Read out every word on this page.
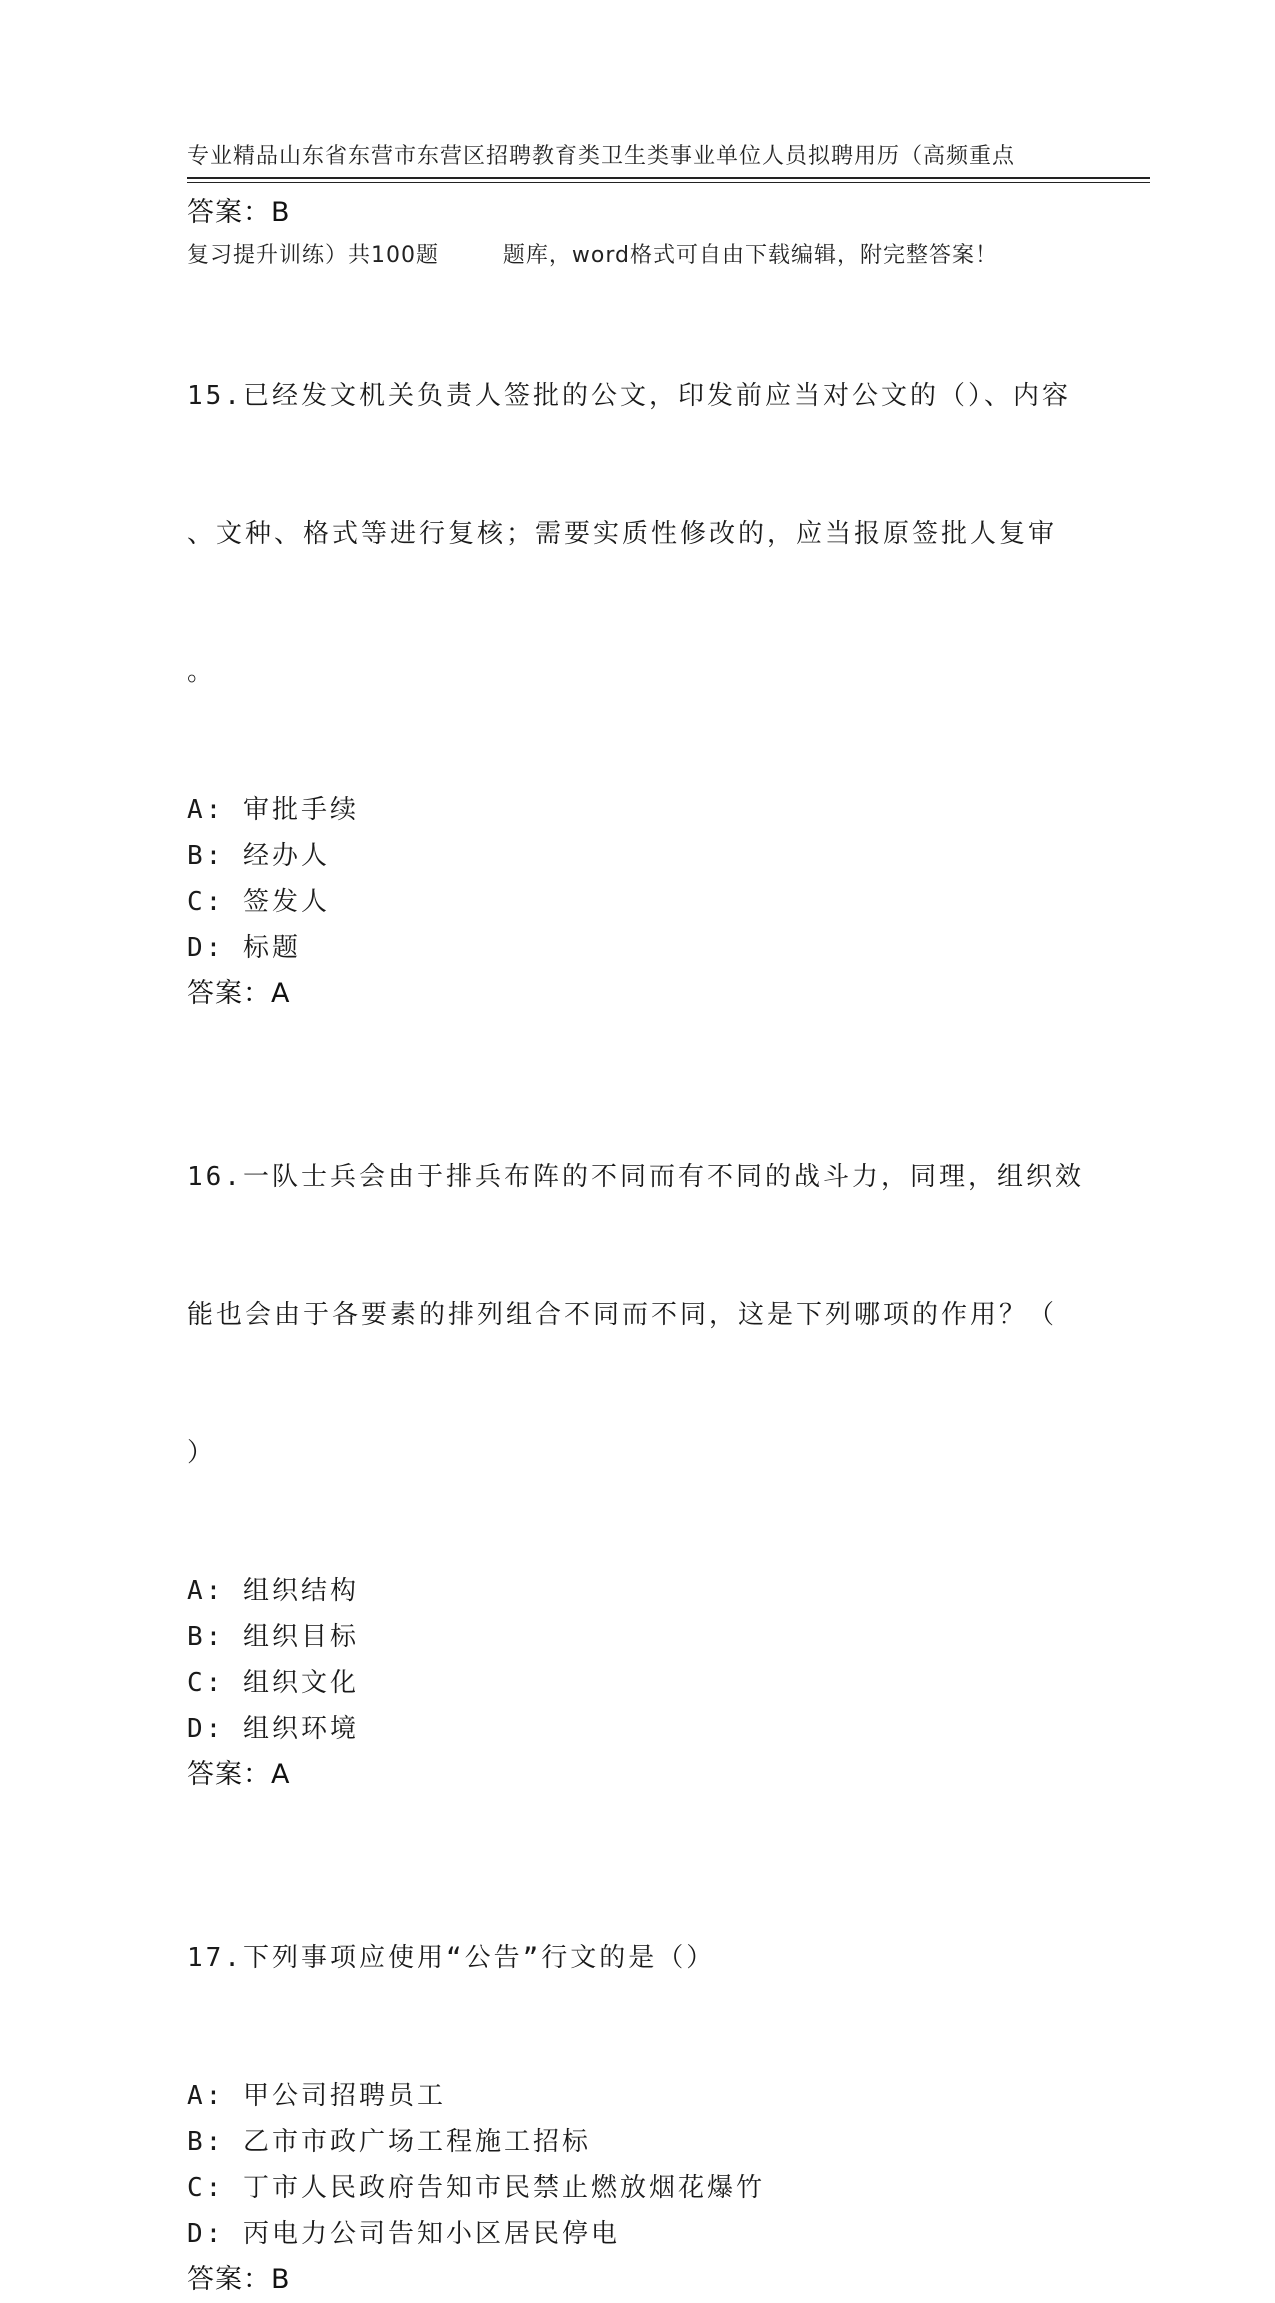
专业精品山东省东营市东营区招聘教育类卫生类事业单位人员拟聘用历（高频重点

复习提升训练）共100题        题库，word格式可自由下载编辑，附完整答案！

答案：B

15.已经发文机关负责人签批的公文，印发前应当对公文的（）、内容

、文种、格式等进行复核；需要实质性修改的，应当报原签批人复审

。

A: 审批手续
B: 经办人
C: 签发人
D: 标题
答案：A

16.一队士兵会由于排兵布阵的不同而有不同的战斗力，同理，组织效

能也会由于各要素的排列组合不同而不同，这是下列哪项的作用？（

）

A: 组织结构
B: 组织目标
C: 组织文化
D: 组织环境
答案：A

17.下列事项应使用“公告”行文的是（）

A: 甲公司招聘员工
B: 乙市市政广场工程施工招标
C: 丁市人民政府告知市民禁止燃放烟花爆竹
D: 丙电力公司告知小区居民停电
答案：B
